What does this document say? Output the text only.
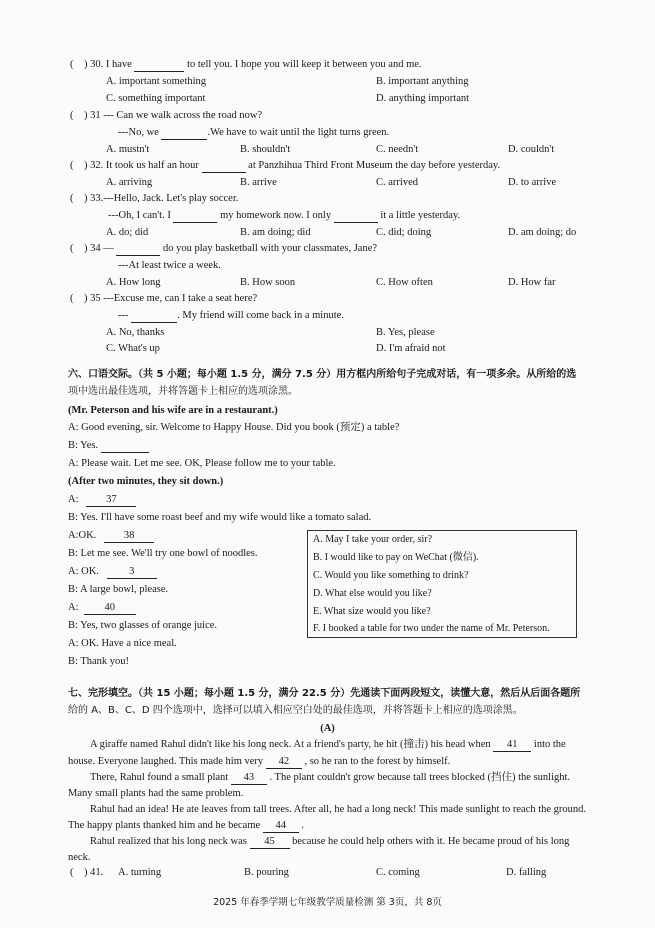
( ) 30. I have	to tell you. I hope you will keep it between you and me.
A. important something	B. important anything
C. something important	D. anything important
( ) 31 --- Can we walk across the road now?
---No, we	.We have to wait until the light turns green.
A. mustn't	B. shouldn't	C. needn't	D. couldn't
( ) 32. It took us half an hour	at Panzhihua Third Front Museum the day before yesterday.
A. arriving	B. arrive	C. arrived	D. to arrive
( ) 33.---Hello, Jack. Let's play soccer.
---Oh, I can't. I	my homework now. I only	it a little yesterday.
A. do; did	B. am doing; did	C. did; doing	D. am doing; do
( ) 34 —	do you play basketball with your classmates, Jane?
---At least twice a week.
A. How long	B. How soon	C. How often	D. How far
( ) 35 ---Excuse me, can I take a seat here?
---	. My friend will come back in a minute.
A. No, thanks	B. Yes, please
C. What's up	D. I'm afraid not
六、口语交际。（共 5 小题；每小题 1.5 分，满分 7.5 分）用方框内所给句子完成对话，有一项多余。从所给的选
项中选出最佳选项，并将答题卡上相应的选项涂黑。
(Mr. Peterson and his wife are in a restaurant.)
A: Good evening, sir. Welcome to Happy House. Did you book (预定) a table?
B: Yes.
A: Please wait. Let me see. OK, Please follow me to your table.
(After two minutes, they sit down.)
A:	37
B: Yes. I'll have some roast beef and my wife would like a tomato salad.
A:OK.	38
B: Let me see. We'll try one bowl of noodles.
A: OK.	3
B: A large bowl, please.
A: 40
B: Yes, two glasses of orange juice.
A: OK. Have a nice meal.
B: Thank you!
A. May I take your order, sir?
B. I would like to pay on WeChat (微信).
C. Would you like something to drink?
D. What else would you like?
E. What size would you like?
F. I booked a table for two under the name of Mr. Peterson.
七、完形填空。（共 15 小题；每小题 1.5 分，满分 22.5 分）先通读下面两段短文，读懂大意，然后从后面各题所
给的 A、B、C、D 四个选项中，选择可以填入相应空白处的最佳选项，并将答题卡上相应的选项涂黑。
(A)
A giraffe named Rahul didn't like his long neck. At a friend's party, he hit (撞击) his head when 41 into the
house. Everyone laughed. This made him very 42 , so he ran to the forest by himself.
There, Rahul found a small plant 43 . The plant couldn't grow because tall trees blocked (挡住) the sunlight.
Many small plants had the same problem.
Rahul had an idea! He ate leaves from tall trees. After all, he had a long neck! This made sunlight to reach the ground.
The happy plants thanked him and he became 44 .
Rahul realized that his long neck was 45 because he could help others with it. He became proud of his long
neck.
( ) 41. A. turning	B. pouring	C. coming	D. falling
2025 年春季学期七年级教学质量检测 第 3页，共 8页
